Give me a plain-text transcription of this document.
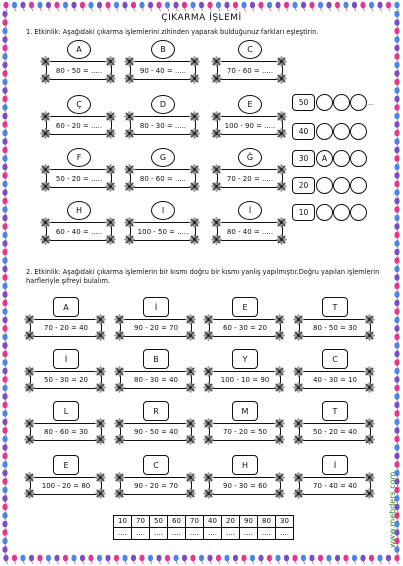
ÇIKARMA İŞLEMİ
1. Etkinlik: Aşağıdaki çıkarma işlemlerini zihinden yaparak bulduğunuz farkları eşleştirin.
A
80 - 50 = .....
B
90 - 40 = .....
C
70 - 60 = .....
Ç
60 - 20 = .....
D
80 - 30 = .....
E
100 - 90 = .....
F
50 - 20 = .....
G
80 - 60 = .....
Ğ
70 - 20 = .....
H
60 - 40 = .....
I
100 - 50 = .....
İ
80 - 40 = .....
50	...
40
30	A
20
10
2. Etkinlik: Aşağıdaki çıkarma işlemlerin bir kısmı doğru bir kısmı yanlış yapılmıştır.Doğru yapılan işlemlerin harfleriyle şifreyi bulalım.
A
70 - 20 = 40
İ
90 - 20 = 70
E
60 - 30 = 20
T
80 - 50 = 30
İ
50 - 30 = 20
B
80 - 30 = 40
Y
100 - 10 = 90
C
40 - 30 = 10
L
80 - 60 = 30
R
90 - 50 = 40
M
70 - 20 = 50
T
50 - 20 = 40
E
100 - 20 = 80
C
90 - 20 = 70
H
90 - 30 = 60
İ
70 - 40 = 40
10	70	50	60	70	40	20	90	80	30
....	....	....	....	....	....	....	....	....	....	www.mebders.com
